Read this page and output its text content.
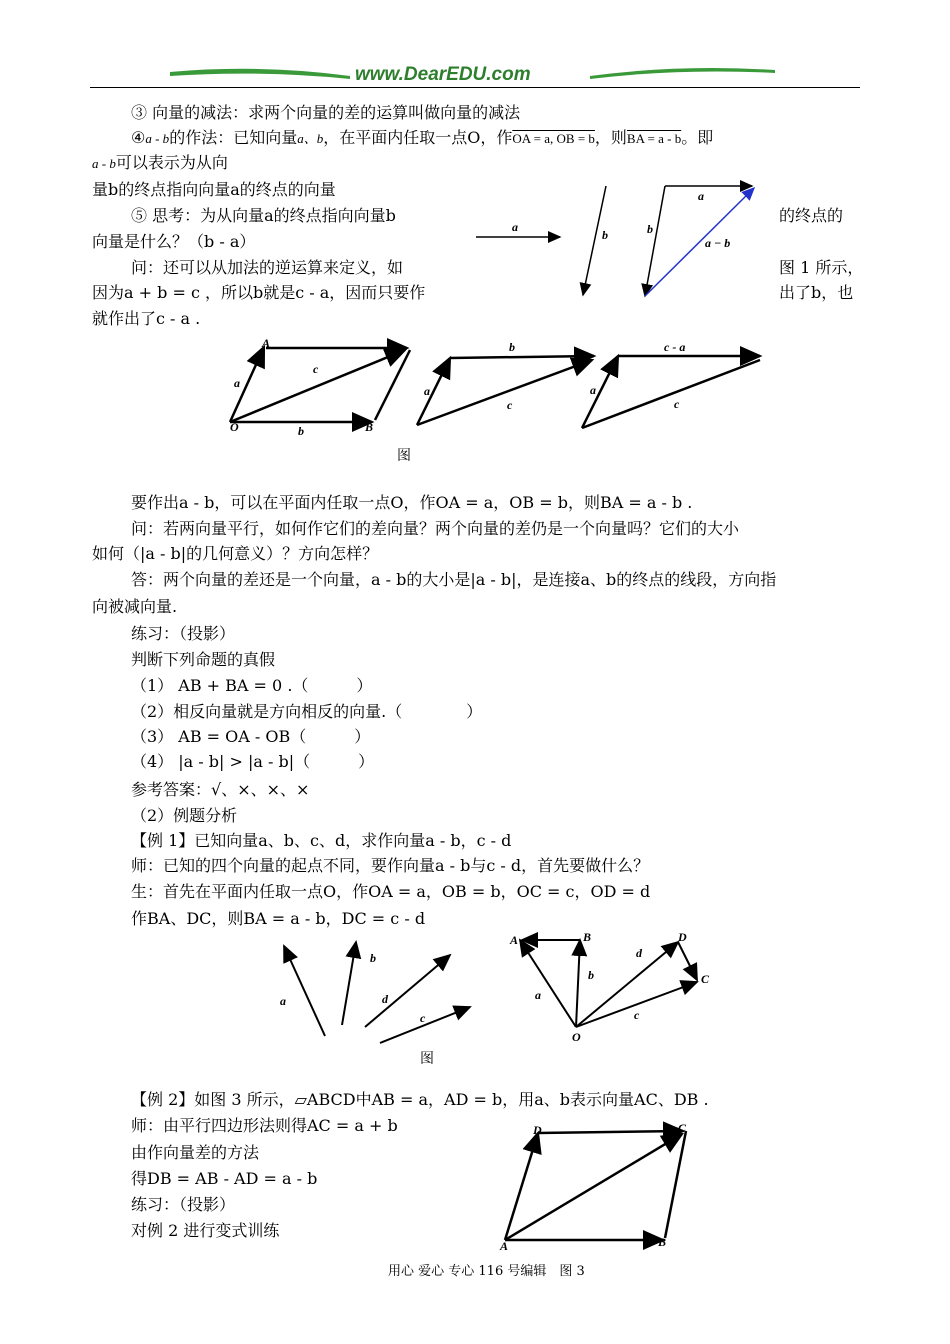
www.DearEDU.com
③ 向量的减法：求两个向量的差的运算叫做向量的减法
④a - b的作法：已知向量a、b，在平面内任取一点O，作OA = a, OB = b，则BA = a - b。即
a - b可以表示为从向
量b的终点指向向量a的终点的向量
⑤ 思考：为从向量a的终点指向向量b	的终点的
向量是什么？（b - a）
问：还可以从加法的逆运算来定义，如	图 1 所示，
因为a + b = c ，所以b就是c - a，因而只要作	出了b，也
就作出了c - a .
a
b
a
b
a − b
A
O	B
a
c
b
b
a
c
c - a
a
c
图
要作出a - b，可以在平面内任取一点O，作OA = a，OB = b，则BA = a - b .
问：若两向量平行，如何作它们的差向量？两个向量的差仍是一个向量吗？它们的大小
如何（|a - b|的几何意义）？方向怎样？
答：两个向量的差还是一个向量，a - b的大小是|a - b|，是连接a、b的终点的线段，方向指
向被减向量.
练习：（投影）
判断下列命题的真假
（1） AB + BA = 0 .（　　　）
（2）相反向量就是方向相反的向量.（　　　　）
（3） AB = OA - OB（　　　）
（4） |a - b| > |a - b|（　　　）
参考答案：√、×、×、×
（2）例题分析
【例 1】已知向量a、b、c、d，求作向量a - b，c - d
师：已知的四个向量的起点不同，要作向量a - b与c - d，首先要做什么？
生：首先在平面内任取一点O，作OA = a，OB = b，OC = c，OD = d
作BA、DC，则BA = a - b，DC = c - d
a
b
d
c
A	B	D
C
O
a
b
d
c
图
【例 2】如图 3 所示，▱ABCD中AB = a，AD = b，用a、b表示向量AC、DB .
师：由平行四边形法则得AC = a + b
由作向量差的方法
得DB = AB - AD = a - b
练习：（投影）
对例 2 进行变式训练
D	C
A	B
用心 爱心 专心 116 号编辑　图 3
